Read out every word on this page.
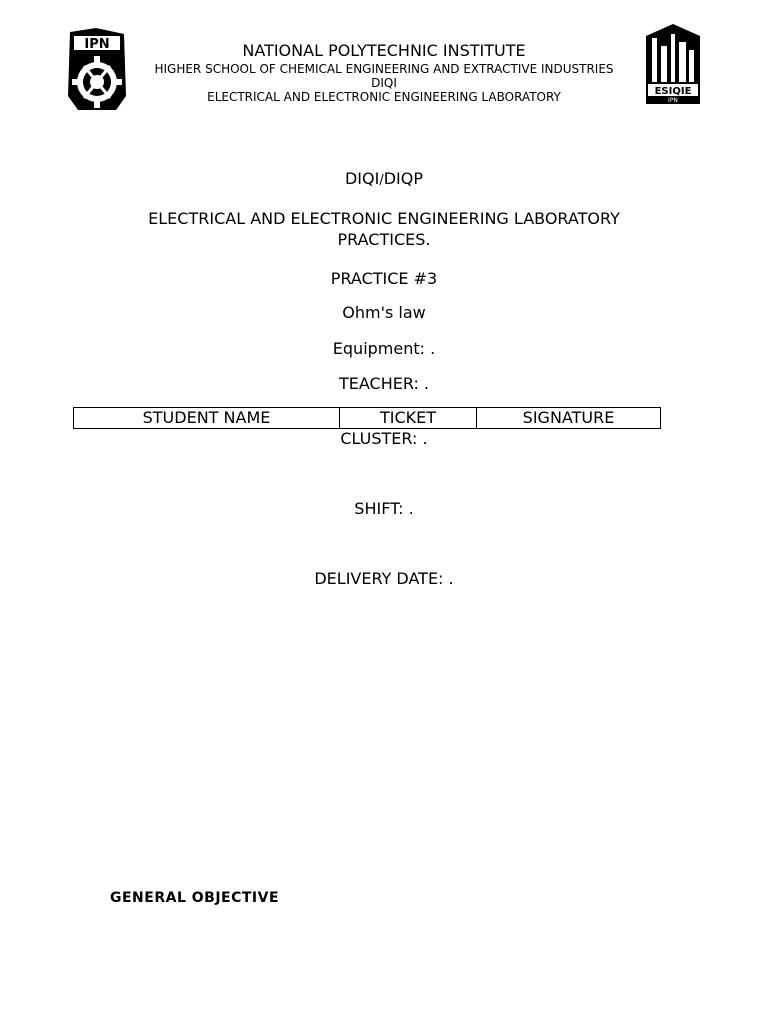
IPN
ESIQIE
IPN
NATIONAL POLYTECHNIC INSTITUTE
HIGHER SCHOOL OF CHEMICAL ENGINEERING AND EXTRACTIVE INDUSTRIES
DIQI
ELECTRICAL AND ELECTRONIC ENGINEERING LABORATORY
DIQI/DIQP
ELECTRICAL AND ELECTRONIC ENGINEERING LABORATORY
PRACTICES.
PRACTICE #3
Ohm's law
Equipment: .
TEACHER: .
STUDENT NAME	TICKET	SIGNATURE
CLUSTER: .
SHIFT: .
DELIVERY DATE: .
GENERAL OBJECTIVE
